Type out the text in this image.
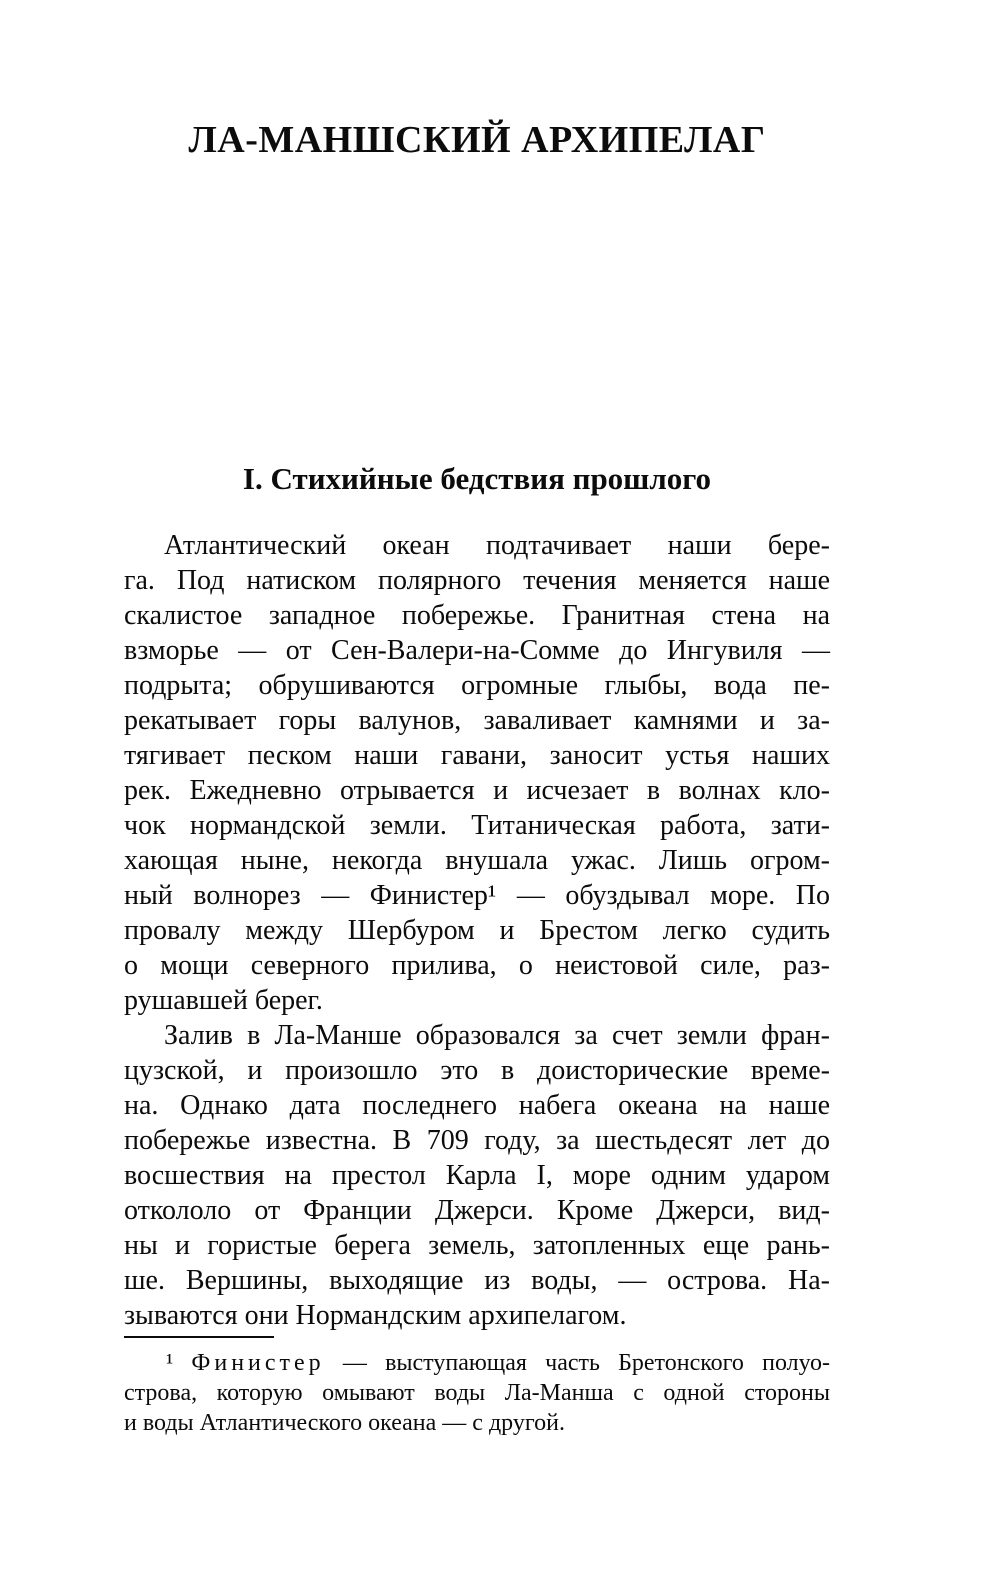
ЛА-МАНШСКИЙ АРХИПЕЛАГ
I. Стихийные бедствия прошлого
Атлантический океан подтачивает наши бере-
га. Под натиском полярного течения меняется наше
скалистое западное побережье. Гранитная стена на
взморье — от Сен-Валери-на-Сомме до Ингувиля —
подрыта; обрушиваются огромные глыбы, вода пе-
рекатывает горы валунов, заваливает камнями и за-
тягивает песком наши гавани, заносит устья наших
рек. Ежедневно отрывается и исчезает в волнах кло-
чок нормандской земли. Титаническая работа, зати-
хающая ныне, некогда внушала ужас. Лишь огром-
ный волнорез — Финистер¹ — обуздывал море. По
провалу между Шербуром и Брестом легко судить
о мощи северного прилива, о неистовой силе, раз-
рушавшей берег.
Залив в Ла-Манше образовался за счет земли фран-
цузской, и произошло это в доисторические време-
на. Однако дата последнего набега океана на наше
побережье известна. В 709 году, за шестьдесят лет до
восшествия на престол Карла I, море одним ударом
откололо от Франции Джерси. Кроме Джерси, вид-
ны и гористые берега земель, затопленных еще рань-
ше. Вершины, выходящие из воды, — острова. На-
зываются они Нормандским архипелагом.
¹ Финистер — выступающая часть Бретонского полуо-
строва, которую омывают воды Ла-Манша с одной стороны
и воды Атлантического океана — с другой.
